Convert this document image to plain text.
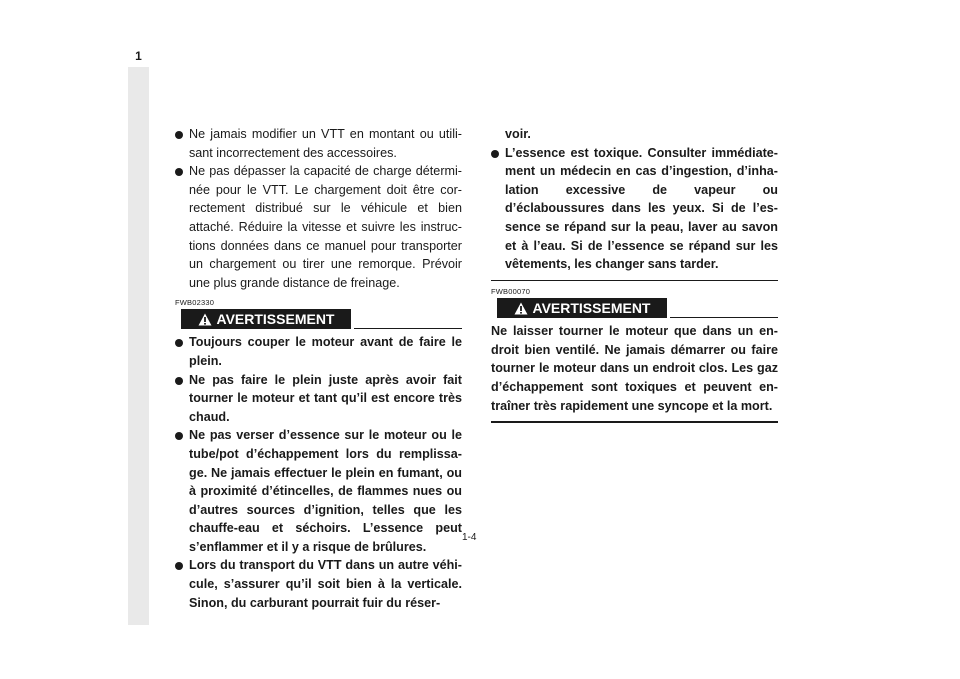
1
Ne jamais modifier un VTT en montant ou utili-sant incorrectement des accessoires.
Ne pas dépasser la capacité de charge détermi-née pour le VTT. Le chargement doit être cor-rectement distribué sur le véhicule et bien attaché. Réduire la vitesse et suivre les instruc-tions données dans ce manuel pour transporter un chargement ou tirer une remorque. Prévoir une plus grande distance de freinage.
FWB02330
AVERTISSEMENT
Toujours couper le moteur avant de faire le plein.
Ne pas faire le plein juste après avoir fait tourner le moteur et tant qu’il est encore très chaud.
Ne pas verser d’essence sur le moteur ou le tube/pot d’échappement lors du remplissa-ge. Ne jamais effectuer le plein en fumant, ou à proximité d’étincelles, de flammes nues ou d’autres sources d’ignition, telles que les chauffe-eau et séchoirs. L’essence peut s’enflammer et il y a risque de brûlures.
Lors du transport du VTT dans un autre véhi-cule, s’assurer qu’il soit bien à la verticale. Sinon, du carburant pourrait fuir du réser-
voir.
L’essence est toxique. Consulter immédiate-ment un médecin en cas d’ingestion, d’inha-lation excessive de vapeur ou d’éclaboussures dans les yeux. Si de l’es-sence se répand sur la peau, laver au savon et à l’eau. Si de l’essence se répand sur les vêtements, les changer sans tarder.
FWB00070
AVERTISSEMENT
Ne laisser tourner le moteur que dans un en-droit bien ventilé. Ne jamais démarrer ou faire tourner le moteur dans un endroit clos. Les gaz d’échappement sont toxiques et peuvent en-traîner très rapidement une syncope et la mort.
1-4
